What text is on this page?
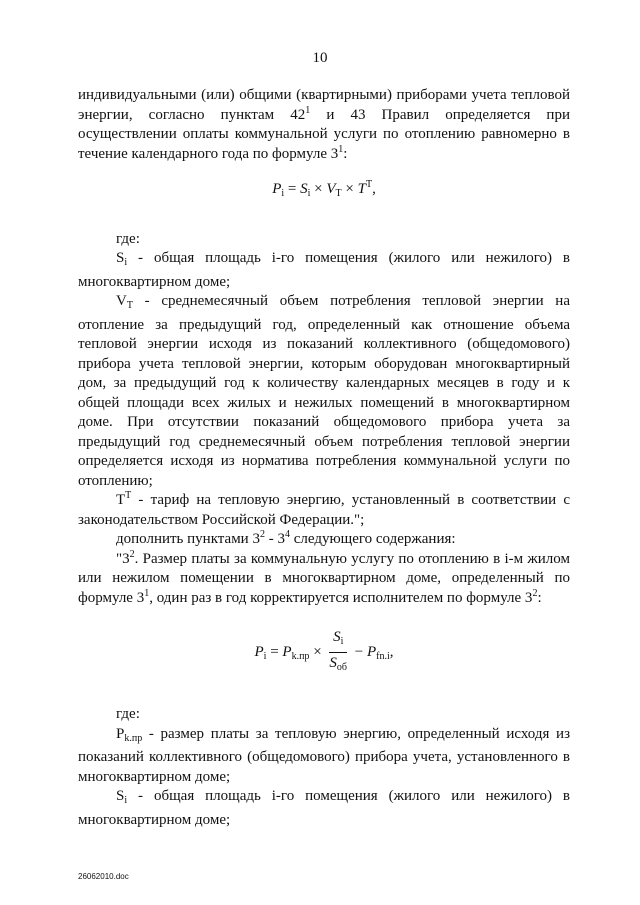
10

индивидуальными (или) общими (квартирными) приборами учета тепловой энергии, согласно пунктам $42^1$ и 43 Правил определяется при осуществлении оплаты коммунальной услуги по отоплению равномерно в течение календарного года по формуле $3^1$:

$P_i = S_i \times V_T \times T^T$,

где:

$S_i$ - общая площадь i-го помещения (жилого или нежилого) в многоквартирном доме;

$V_T$ - среднемесячный объем потребления тепловой энергии на отопление за предыдущий год, определенный как отношение объема тепловой энергии исходя из показаний коллективного (общедомового) прибора учета тепловой энергии, которым оборудован многоквартирный дом, за предыдущий год к количеству календарных месяцев в году и к общей площади всех жилых и нежилых помещений в многоквартирном доме. При отсутствии показаний общедомового прибора учета за предыдущий год среднемесячный объем потребления тепловой энергии определяется исходя из норматива потребления коммунальной услуги по отоплению;

$T^T$ - тариф на тепловую энергию, установленный в соответствии с законодательством Российской Федерации.";

дополнить пунктами $3^2 - 3^4$ следующего содержания:

"$3^2$. Размер платы за коммунальную услугу по отоплению в i-м жилом или нежилом помещении в многоквартирном доме, определенный по формуле $3^1$, один раз в год корректируется исполнителем по формуле $3^2$:

$P_i = P_{k.пр} \times \frac{S_i}{S_{об}} - P_{fn.i}$,

где:

$P_{k.пр}$ - размер платы за тепловую энергию, определенный исходя из показаний коллективного (общедомового) прибора учета, установленного в многоквартирном доме;

$S_i$ - общая площадь i-го помещения (жилого или нежилого) в многоквартирном доме;

26062010.doc
